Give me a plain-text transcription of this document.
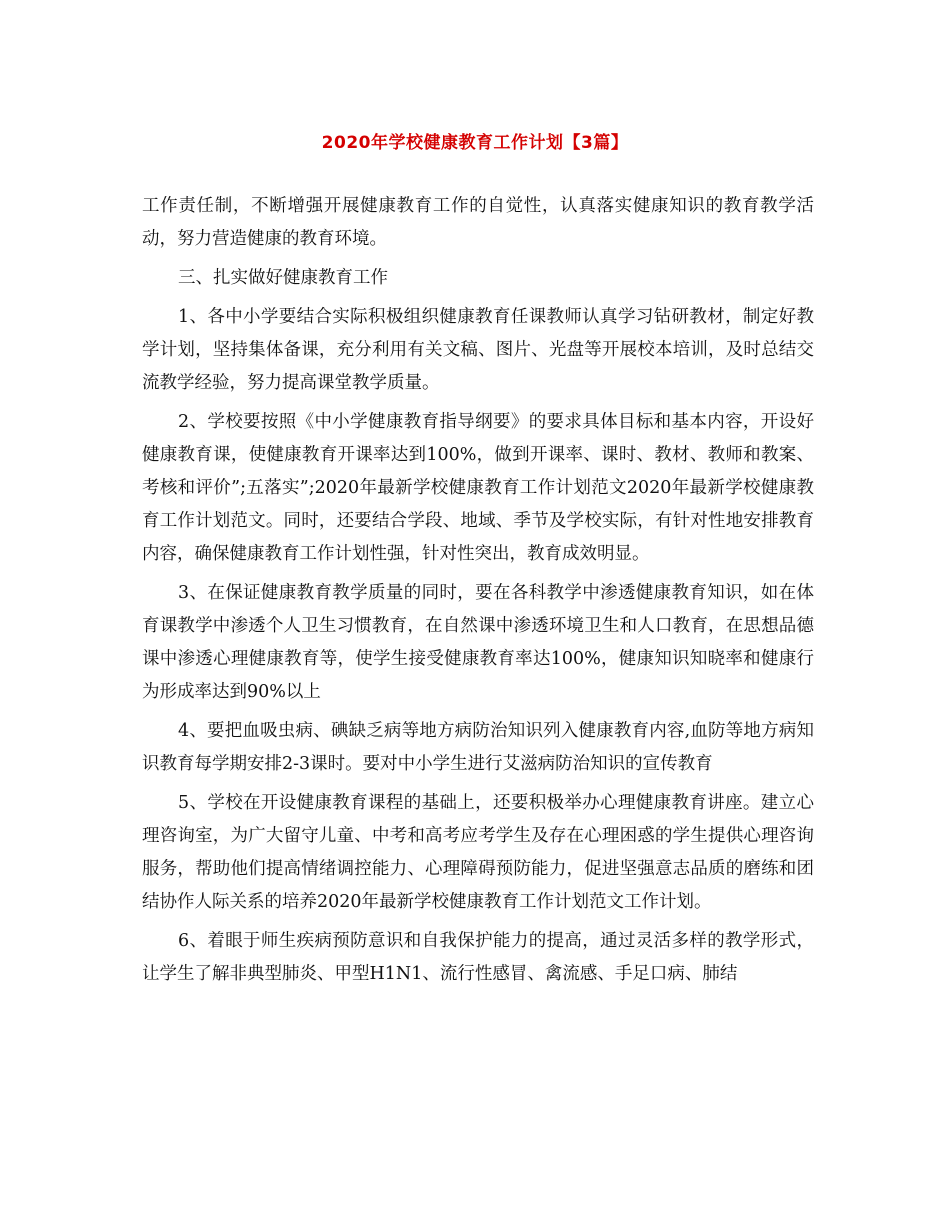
2020年学校健康教育工作计划【3篇】

工作责任制，不断增强开展健康教育工作的自觉性，认真落实健康知识的教育教学活动，努力营造健康的教育环境。

三、扎实做好健康教育工作

1、各中小学要结合实际积极组织健康教育任课教师认真学习钻研教材，制定好教学计划，坚持集体备课，充分利用有关文稿、图片、光盘等开展校本培训，及时总结交流教学经验，努力提高课堂教学质量。

2、学校要按照《中小学健康教育指导纲要》的要求具体目标和基本内容，开设好健康教育课，使健康教育开课率达到100%，做到开课率、课时、教材、教师和教案、考核和评价”;五落实”;2020年最新学校健康教育工作计划范文2020年最新学校健康教育工作计划范文。同时，还要结合学段、地域、季节及学校实际，有针对性地安排教育内容，确保健康教育工作计划性强，针对性突出，教育成效明显。

3、在保证健康教育教学质量的同时，要在各科教学中渗透健康教育知识，如在体育课教学中渗透个人卫生习惯教育，在自然课中渗透环境卫生和人口教育，在思想品德课中渗透心理健康教育等，使学生接受健康教育率达100%，健康知识知晓率和健康行为形成率达到90%以上

4、要把血吸虫病、碘缺乏病等地方病防治知识列入健康教育内容,血防等地方病知识教育每学期安排2-3课时。要对中小学生进行艾滋病防治知识的宣传教育

5、学校在开设健康教育课程的基础上，还要积极举办心理健康教育讲座。建立心理咨询室，为广大留守儿童、中考和高考应考学生及存在心理困惑的学生提供心理咨询服务，帮助他们提高情绪调控能力、心理障碍预防能力，促进坚强意志品质的磨练和团结协作人际关系的培养2020年最新学校健康教育工作计划范文工作计划。

6、着眼于师生疾病预防意识和自我保护能力的提高，通过灵活多样的教学形式，让学生了解非典型肺炎、甲型H1N1、流行性感冒、禽流感、手足口病、肺结
